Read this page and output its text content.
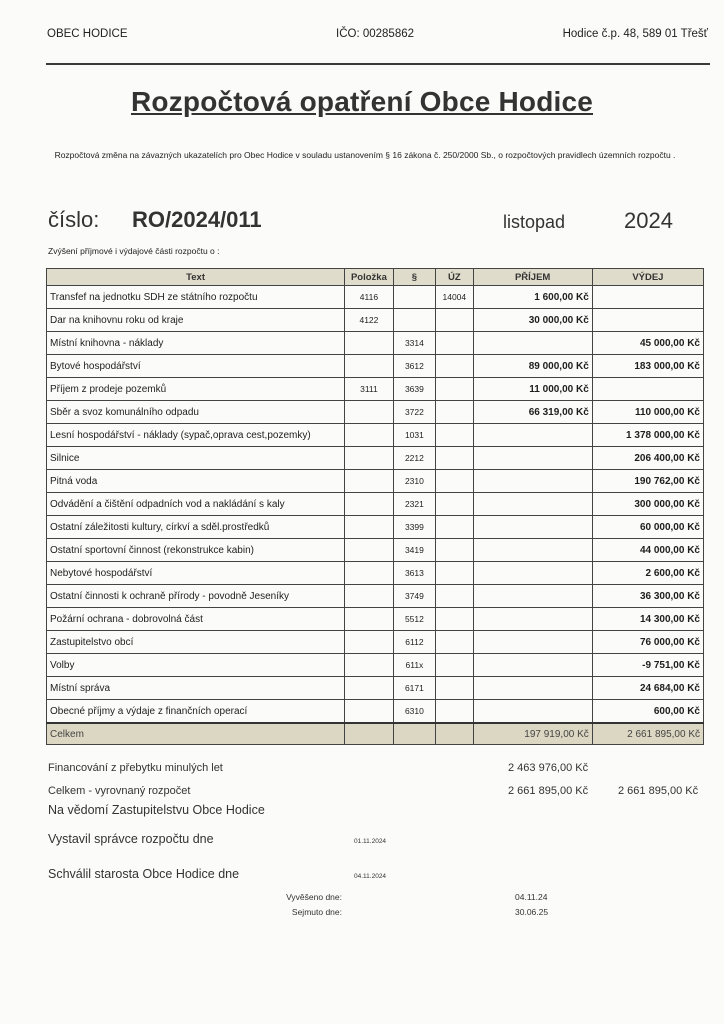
OBEC HODICE	IČO: 00285862	Hodice č.p. 48, 589 01 Třešť
Rozpočtová opatření Obce Hodice
Rozpočtová změna na závazných ukazatelích pro Obec Hodice v souladu ustanovením § 16 zákona č. 250/2000 Sb., o rozpočtových pravidlech územních rozpočtu .
číslo: RO/2024/011	listopad	2024
Zvýšení příjmové i výdajové části rozpočtu o :
Text	Položka	§	ÚZ	PŘÍJEM	VÝDEJ
Transfef na jednotku SDH ze státního rozpočtu	4116		14004	1 600,00 Kč	
Dar na knihovnu roku od kraje	4122			30 000,00 Kč	
Místní knihovna - náklady		3314			45 000,00 Kč
Bytové hospodářství		3612		89 000,00 Kč	183 000,00 Kč
Příjem z prodeje pozemků	3111	3639		11 000,00 Kč	
Sběr a svoz komunálního odpadu		3722		66 319,00 Kč	110 000,00 Kč
Lesní hospodářství - náklady (sypač,oprava cest,pozemky)		1031			1 378 000,00 Kč
Silnice		2212			206 400,00 Kč
Pitná voda		2310			190 762,00 Kč
Odvádění a čištění odpadních vod a nakládání s kaly		2321			300 000,00 Kč
Ostatní záležitosti kultury, církví a sděl.prostředků		3399			60 000,00 Kč
Ostatní sportovní činnost (rekonstrukce kabin)		3419			44 000,00 Kč
Nebytové hospodářství		3613			2 600,00 Kč
Ostatní činnosti k ochraně přírody - povodně Jeseníky		3749			36 300,00 Kč
Požární ochrana - dobrovolná část		5512			14 300,00 Kč
Zastupitelstvo obcí		6112			76 000,00 Kč
Volby		611x			-9 751,00 Kč
Místní správa		6171			24 684,00 Kč
Obecné příjmy a výdaje z finančních operací		6310			600,00 Kč
Celkem				197 919,00 Kč	2 661 895,00 Kč
Financování z přebytku minulých let	2 463 976,00 Kč
Celkem - vyrovnaný rozpočet	2 661 895,00 Kč	2 661 895,00 Kč
Na vědomí Zastupitelstvu Obce Hodice
Vystavil správce rozpočtu dne	01.11.2024
Schválil starosta Obce Hodice dne	04.11.2024
Vyvěšeno dne:	04.11.24
Sejmuto dne:	30.06.25
